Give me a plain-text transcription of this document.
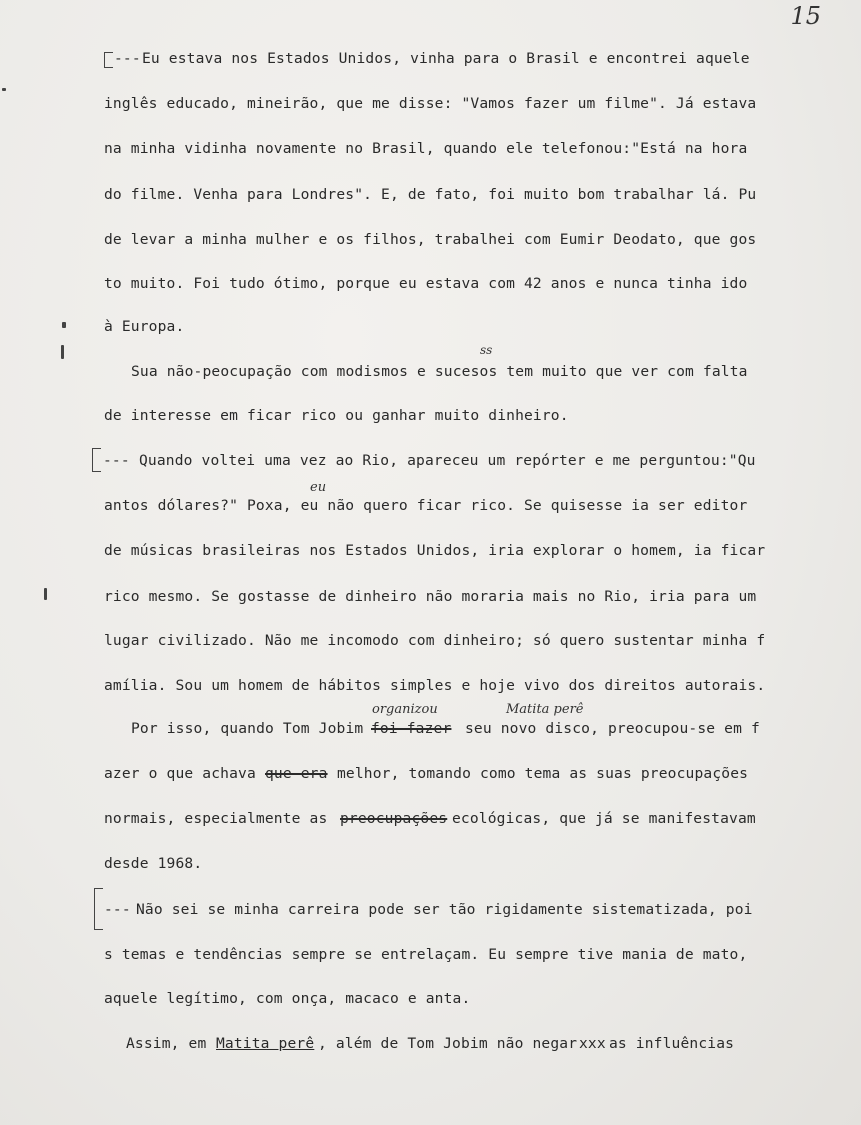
15
--- Eu estava nos Estados Unidos, vinha para o Brasil e encontrei aquele
inglês educado, mineirão, que me disse: "Vamos fazer um filme". Já estava
na minha vidinha novamente no Brasil, quando ele telefonou:"Está na hora
do filme. Venha para Londres". E, de fato, foi muito bom trabalhar lá. Pu
de levar a minha mulher e os filhos, trabalhei com Eumir Deodato, que gos
to muito. Foi tudo ótimo, porque eu estava com 42 anos e nunca tinha ido
à Europa.
ss
Sua não-peocupação com modismos e sucesos tem muito que ver com falta
de interesse em ficar rico ou ganhar muito dinheiro.
--- Quando voltei uma vez ao Rio, apareceu um repórter e me perguntou:"Qu
eu
antos dólares?" Poxa, eu não quero ficar rico. Se quisesse ia ser editor
de músicas brasileiras nos Estados Unidos, iria explorar o homem, ia ficar
rico mesmo. Se gostasse de dinheiro não moraria mais no Rio, iria para um
lugar civilizado. Não me incomodo com dinheiro; só quero sustentar minha f
amília. Sou um homem de hábitos simples e hoje vivo dos direitos autorais.
organizou	Matita perê
Por isso, quando Tom Jobim foi fazer seu novo disco, preocupou-se em f
azer o que achava que era melhor, tomando como tema as suas preocupações
normais, especialmente as preocupações ecológicas, que já se manifestavam
desde 1968.
--- Não sei se minha carreira pode ser tão rigidamente sistematizada, poi
s temas e tendências sempre se entrelaçam. Eu sempre tive mania de mato,
aquele legítimo, com onça, macaco e anta.
Assim, em Matita perê , além de Tom Jobim não negar xxx as influências
